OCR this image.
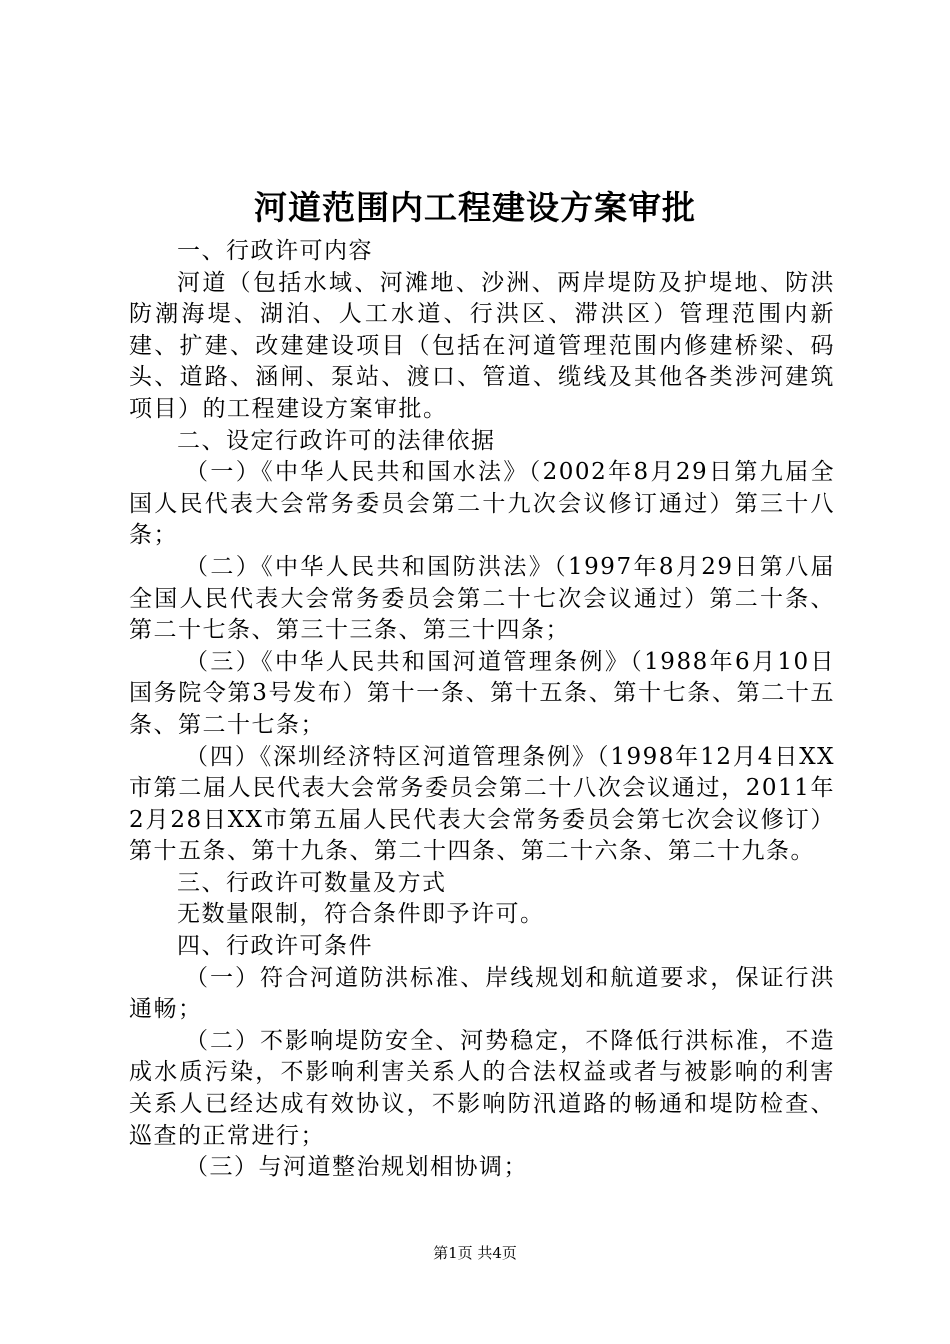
河道范围内工程建设方案审批

一、行政许可内容

河道（包括水域、河滩地、沙洲、两岸堤防及护堤地、防洪防潮海堤、湖泊、人工水道、行洪区、滞洪区）管理范围内新建、扩建、改建建设项目（包括在河道管理范围内修建桥梁、码头、道路、涵闸、泵站、渡口、管道、缆线及其他各类涉河建筑项目）的工程建设方案审批。

二、设定行政许可的法律依据

（一）《中华人民共和国水法》（2002年8月29日第九届全国人民代表大会常务委员会第二十九次会议修订通过）第三十八条；

（二）《中华人民共和国防洪法》（1997年8月29日第八届全国人民代表大会常务委员会第二十七次会议通过）第二十条、第二十七条、第三十三条、第三十四条；

（三）《中华人民共和国河道管理条例》（1988年6月10日国务院令第3号发布）第十一条、第十五条、第十七条、第二十五条、第二十七条；

（四）《深圳经济特区河道管理条例》（1998年12月4日XX市第二届人民代表大会常务委员会第二十八次会议通过，2011年2月28日XX市第五届人民代表大会常务委员会第七次会议修订）第十五条、第十九条、第二十四条、第二十六条、第二十九条。

三、行政许可数量及方式

无数量限制，符合条件即予许可。

四、行政许可条件

（一）符合河道防洪标准、岸线规划和航道要求，保证行洪通畅；

（二）不影响堤防安全、河势稳定，不降低行洪标准，不造成水质污染，不影响利害关系人的合法权益或者与被影响的利害关系人已经达成有效协议，不影响防汛道路的畅通和堤防检查、巡查的正常进行；

（三）与河道整治规划相协调；

第1页 共4页
